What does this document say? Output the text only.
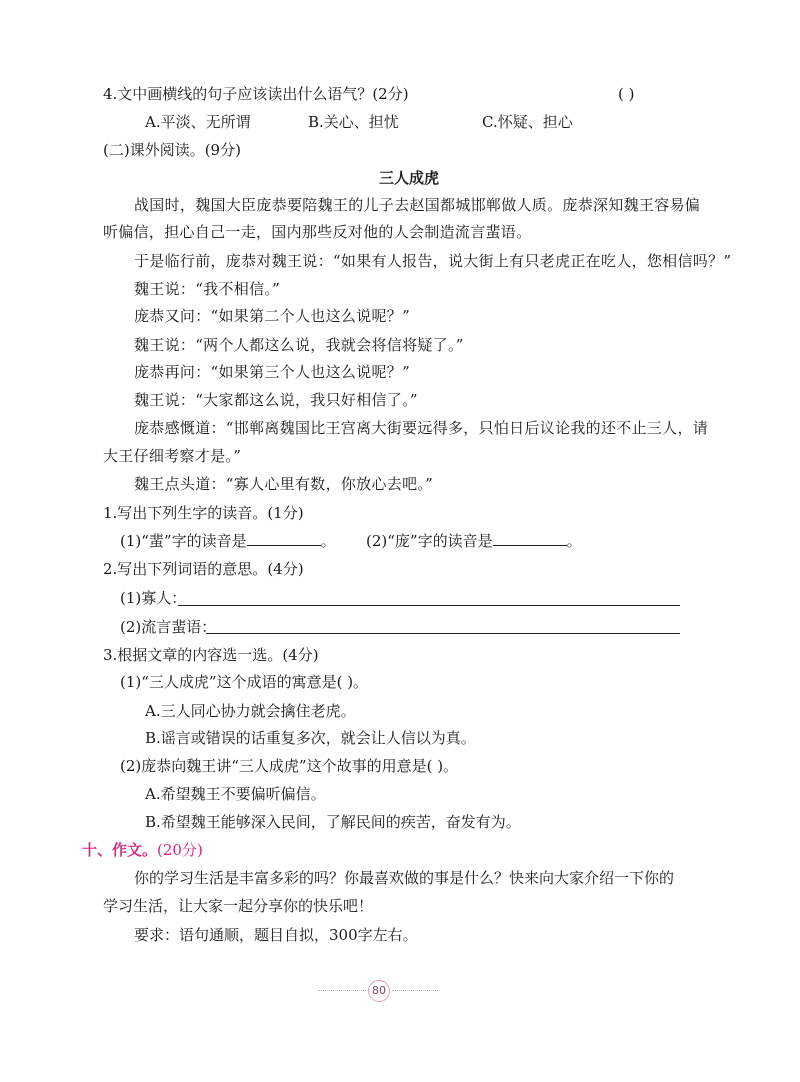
4.文中画横线的句子应该读出什么语气？(2分)	( )
A.平淡、无所谓	B.关心、担忧	C.怀疑、担心
(二)课外阅读。(9分)
三人成虎
战国时，魏国大臣庞恭要陪魏王的儿子去赵国都城邯郸做人质。庞恭深知魏王容易偏
听偏信，担心自己一走，国内那些反对他的人会制造流言蜚语。
于是临行前，庞恭对魏王说：“如果有人报告，说大街上有只老虎正在吃人，您相信吗？”
魏王说：“我不相信。”
庞恭又问：“如果第二个人也这么说呢？”
魏王说：“两个人都这么说，我就会将信将疑了。”
庞恭再问：“如果第三个人也这么说呢？”
魏王说：“大家都这么说，我只好相信了。”
庞恭感慨道：“邯郸离魏国比王宫离大街要远得多，只怕日后议论我的还不止三人，请
大王仔细考察才是。”
魏王点头道：“寡人心里有数，你放心去吧。”
1.写出下列生字的读音。(1分)
(1)“蜚”字的读音是	。 (2)“庞”字的读音是	。
2.写出下列词语的意思。(4分)
(1)寡人：
(2)流言蜚语：
3.根据文章的内容选一选。(4分)
(1)“三人成虎”这个成语的寓意是( )。
A.三人同心协力就会擒住老虎。
B.谣言或错误的话重复多次，就会让人信以为真。
(2)庞恭向魏王讲“三人成虎”这个故事的用意是( )。
A.希望魏王不要偏听偏信。
B.希望魏王能够深入民间，了解民间的疾苦，奋发有为。
十、作文。(20分)
你的学习生活是丰富多彩的吗？你最喜欢做的事是什么？快来向大家介绍一下你的
学习生活，让大家一起分享你的快乐吧！
要求：语句通顺，题目自拟，300字左右。
80
